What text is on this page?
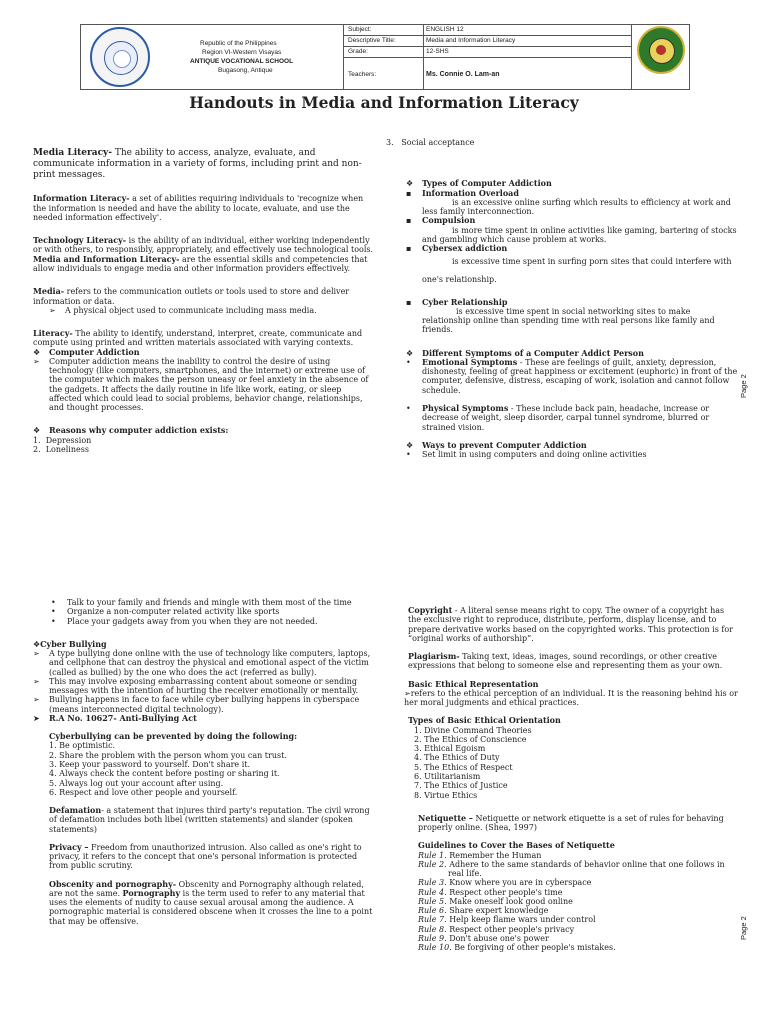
Republic of the Philippines
Region VI-Western Visayas
ANTIQUE VOCATIONAL SCHOOL
Bugasong, Antique
Subject:	ENGLISH 12
Descriptive Title:	Media and Information Literacy
Grade:	12-SHS
Teachers:	Ms. Connie O. Lam-an
Handouts in Media and Information Literacy
Page 2
Page 2

Media Literacy- The ability to access, analyze, evaluate, and communicate information in a variety of forms, including print and non-print messages.

Information Literacy- a set of abilities requiring individuals to 'recognize when the information is needed and have the ability to locate, evaluate, and use the needed information effectively'.

Technology Literacy- is the ability of an individual, either working independently or with others, to responsibly, appropriately, and effectively use technological tools.

Media and Information Literacy- are the essential skills and competencies that allow individuals to engage media and other information providers effectively.

Media- refers to the communication outlets or tools used to store and deliver information or data.

➢ A physical object used to communicate including mass media.

Literacy- The ability to identify, understand, interpret, create, communicate and compute using printed and written materials associated with varying contexts.

❖ Computer Addiction

➢ Computer addiction means the inability to control the desire of using technology (like computers, smartphones, and the internet) or extreme use of the computer which makes the person uneasy or feel anxiety in the absence of the gadgets. It affects the daily routine in life like work, eating, or sleep affected which could lead to social problems, behavior change, relationships, and thought processes.

❖ Reasons why computer addiction exists:

1.  Depression

2.  Loneliness

3.   Social acceptance

❖ Types of Computer Addiction

▪ Information Overload

is an excessive online surfing which results to efficiency at work and less family interconnection.

▪ Compulsion

is more time spent in online activities like gaming, bartering of stocks and gambling which cause problem at works.

▪ Cybersex addiction

is excessive time spent in surfing porn sites that could interfere with one's relationship.

▪ Cyber Relationship

is excessive time spent in social networking sites to make relationship online than spending time with real persons like family and friends.

❖ Different Symptoms of a Computer Addict Person

• Emotional Symptoms - These are feelings of guilt, anxiety, depression, dishonesty, feeling of great happiness or excitement (euphoric) in front of the computer, defensive, distress, escaping of work, isolation and cannot follow schedule.

• Physical Symptoms - These include back pain, headache, increase or decrease of weight, sleep disorder, carpal tunnel syndrome, blurred or strained vision.

❖ Ways to prevent Computer Addiction

• Set limit in using computers and doing online activities

• Talk to your family and friends and mingle with them most of the time

• Organize a non-computer related activity like sports

• Place your gadgets away from you when they are not needed.

❖Cyber Bullying

➢ A type bullying done online with the use of technology like computers, laptops, and cellphone that can destroy the physical and emotional aspect of the victim (called as bullied) by the one who does the act (referred as bully).

➢ This may involve exposing embarrassing content about someone or sending messages with the intention of hurting the receiver emotionally or mentally.

➢ Bullying happens in face to face while cyber bullying happens in cyberspace (means interconnected digital technology).

➤ R.A No. 10627- Anti-Bullying Act

Cyberbullying can be prevented by doing the following:

1. Be optimistic.

2. Share the problem with the person whom you can trust.

3. Keep your password to yourself. Don't share it.

4. Always check the content before posting or sharing it.

5. Always log out your account after using.

6. Respect and love other people and yourself.

Defamation- a statement that injures third party's reputation. The civil wrong of defamation includes both libel (written statements) and slander (spoken statements)

Privacy – Freedom from unauthorized intrusion. Also called as one's right to privacy, it refers to the concept that one's personal information is protected from public scrutiny.

Obscenity and pornography- Obscenity and Pornography although related, are not the same. Pornography is the term used to refer to any material that uses the elements of nudity to cause sexual arousal among the audience. A pornographic material is considered obscene when it crosses the line to a point that may be offensive.

Copyright - A literal sense means right to copy. The owner of a copyright has the exclusive right to reproduce, distribute, perform, display license, and to prepare derivative works based on the copyrighted works. This protection is for “original works of authorship”.

Plagiarism- Taking text, ideas, images, sound recordings, or other creative expressions that belong to someone else and representing them as your own.

Basic Ethical Representation

➢refers to the ethical perception of an individual. It is the reasoning behind his or her moral judgments and ethical practices.

Types of Basic Ethical Orientation

1. Divine Command Theories

2. The Ethics of Conscience

3. Ethical Egoism

4. The Ethics of Duty

5. The Ethics of Respect

6. Utilitarianism

7. The Ethics of Justice

8. Virtue Ethics

Netiquette – Netiquette or network etiquette is a set of rules for behaving properly online. (Shea, 1997)

Guidelines to Cover the Bases of Netiquette

Rule 1. Remember the Human

Rule 2. Adhere to the same standards of behavior online that one follows in real life.

Rule 3. Know where you are in cyberspace

Rule 4. Respect other people's time

Rule 5. Make oneself look good online

Rule 6. Share expert knowledge

Rule 7. Help keep flame wars under control

Rule 8. Respect other people's privacy

Rule 9. Don't abuse one's power

Rule 10. Be forgiving of other people's mistakes.
